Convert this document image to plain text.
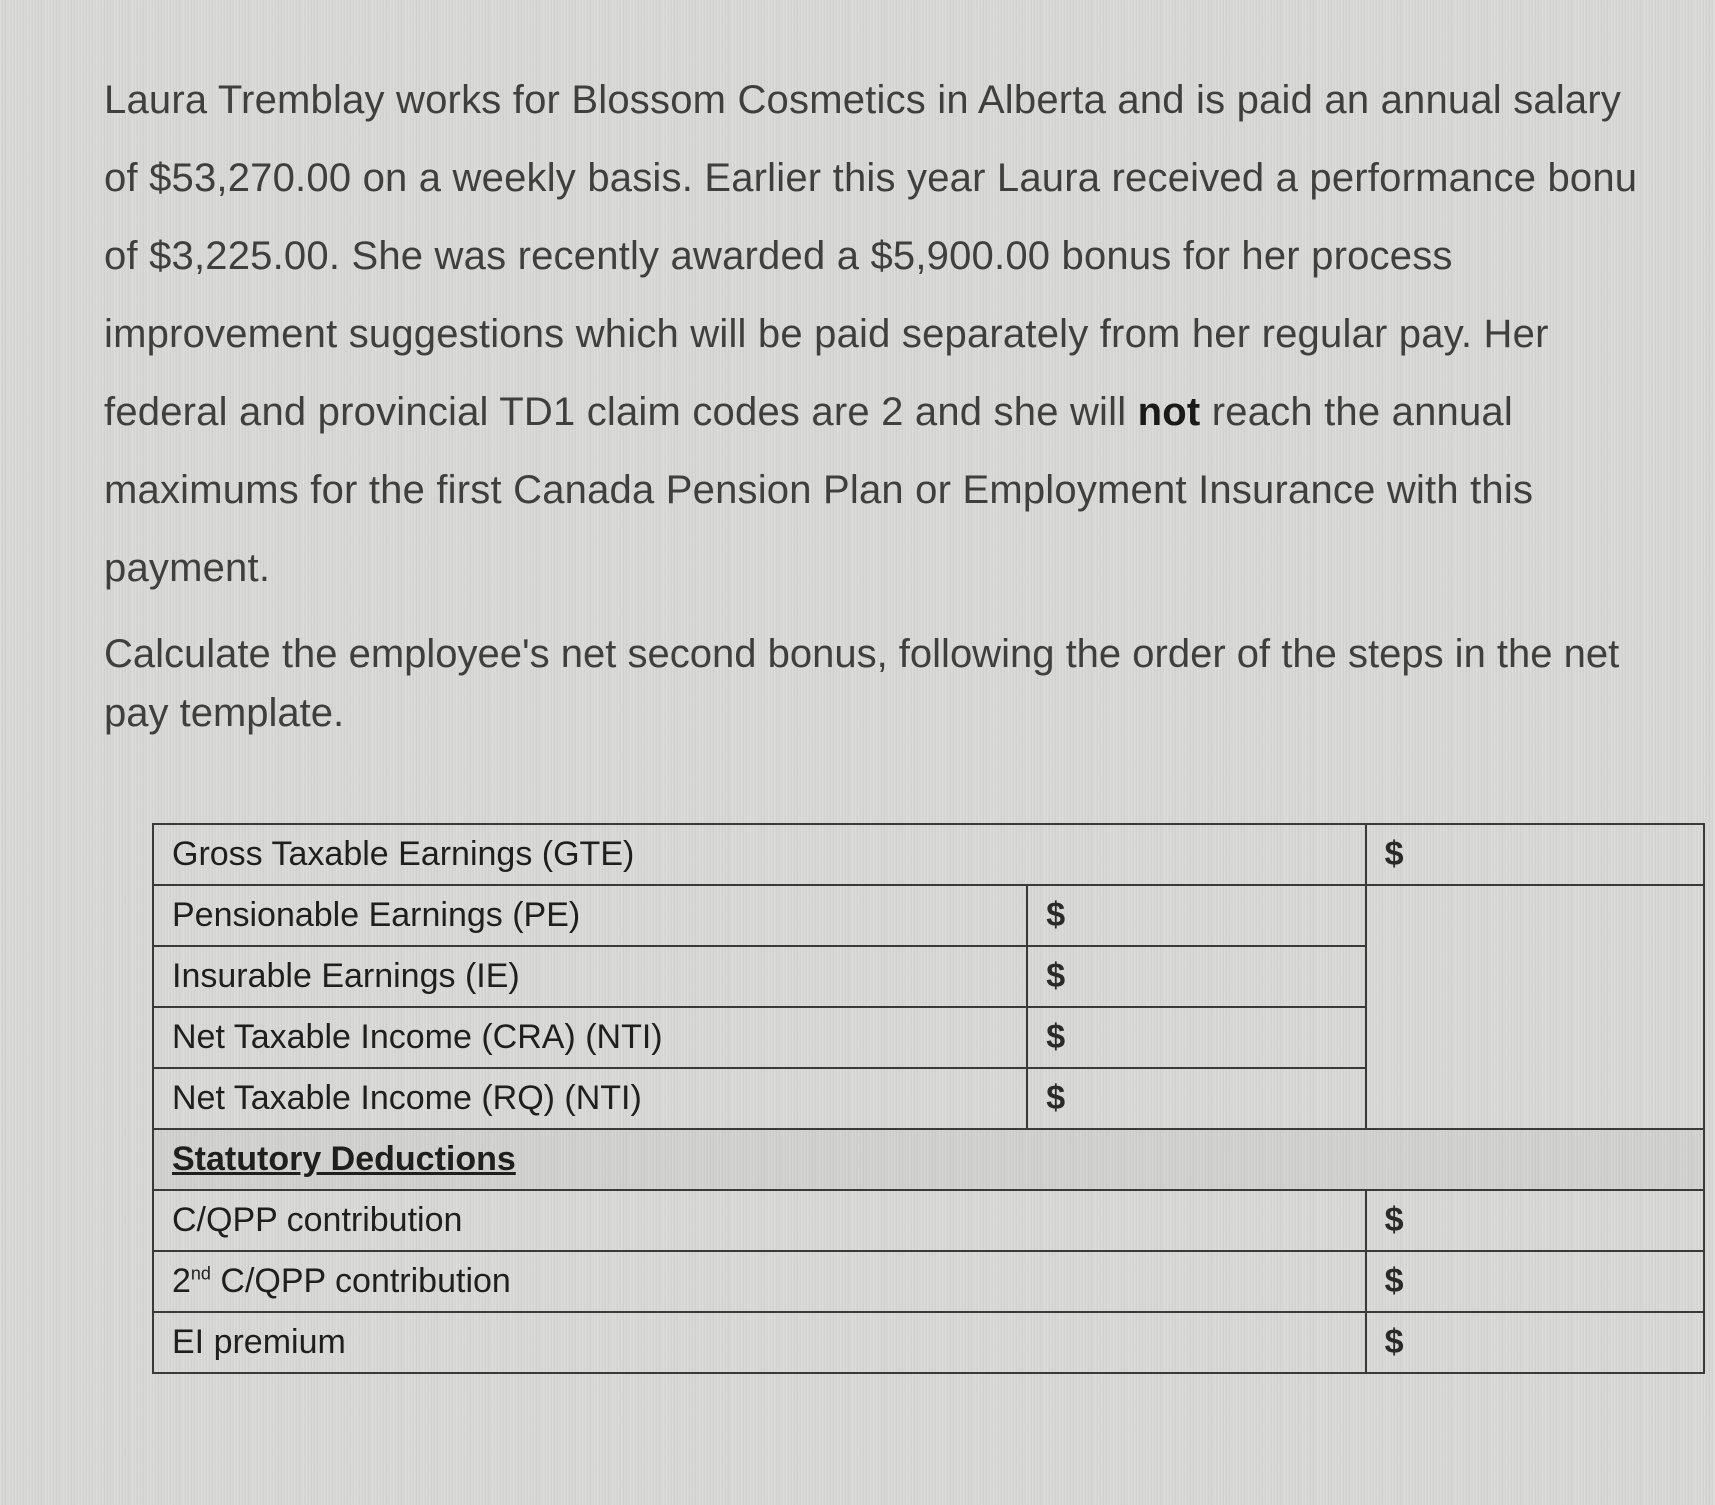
Laura Tremblay works for Blossom Cosmetics in Alberta and is paid an annual salary
of $53,270.00 on a weekly basis. Earlier this year Laura received a performance bonu
of $3,225.00. She was recently awarded a $5,900.00 bonus for her process
improvement suggestions which will be paid separately from her regular pay. Her
federal and provincial TD1 claim codes are 2 and she will not reach the annual
maximums for the first Canada Pension Plan or Employment Insurance with this
payment.
Calculate the employee's net second bonus, following the order of the steps in the net
pay template.
Gross Taxable Earnings (GTE)		$
Pensionable Earnings (PE)	$	
Insurable Earnings (IE)	$	
Net Taxable Income (CRA) (NTI)	$	
Net Taxable Income (RQ) (NTI)	$	
Statutory Deductions		
C/QPP contribution		$
2nd C/QPP contribution		$
EI premium		$
